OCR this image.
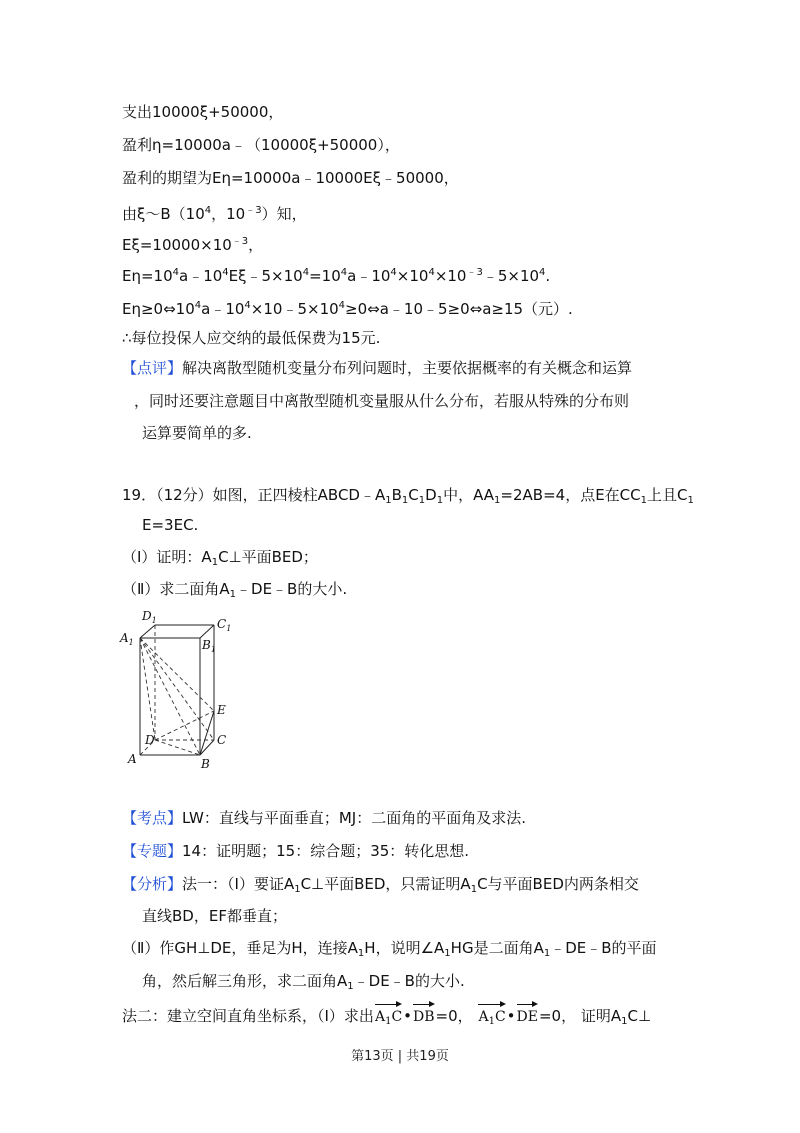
支出10000ξ+50000，
盈利η=10000a﹣（10000ξ+50000），
盈利的期望为Eη=10000a﹣10000Eξ﹣50000，
由$\xi\sim B(10^4$，$10^{﹣3}$）知，
$E\xi=10000\times 10^{﹣3}$，
$E\eta=10^4a﹣10^4E\xi﹣5\times 10^4=10^4a﹣10^4\times 10^4\times 10^{﹣3}﹣5\times 10^4$.
$E\eta\ge 0\Leftrightarrow 10^4a﹣10^4\times 10﹣5\times 10^4\ge 0\Leftrightarrow a﹣10﹣5\ge 0\Leftrightarrow a\ge 15$（元）.
∴每位投保人应交纳的最低保费为15元.
【点评】解决离散型随机变量分布列问题时，主要依据概率的有关概念和运算
，同时还要注意题目中离散型随机变量服从什么分布，若服从特殊的分布则
运算要简单的多.
19．（12分）如图，正四棱柱$ABCD﹣A_1B_1C_1D_1$中，$AA_1=2AB=4$，点E在$CC_1$上且$C_1$
E=3EC.
（Ⅰ）证明：$A_1C\perp$平面BED；
（Ⅱ）求二面角$A_1﹣DE﹣B$的大小.
$D_1$	$C_1$
$A_1$	$B_1$
E
D	C
A	B
【考点】LW：直线与平面垂直；MJ：二面角的平面角及求法.
【专题】14：证明题；15：综合题；35：转化思想.
【分析】法一：（Ⅰ）要证$A_1C\perp$平面BED，只需证明$A_1C$与平面BED内两条相交
直线BD，EF都垂直；
（Ⅱ）作GH⊥DE，垂足为H，连接$A_1H$，说明$\angle A_1HG$是二面角$A_1﹣DE﹣B$的平面
角，然后解三角形，求二面角$A_1﹣DE﹣B$的大小.
法二：建立空间直角坐标系，（Ⅰ）求出$A_1C•DB=0$， $A_1C•DE=0$， 证明$A_1C\perp$
第13页 | 共19页
